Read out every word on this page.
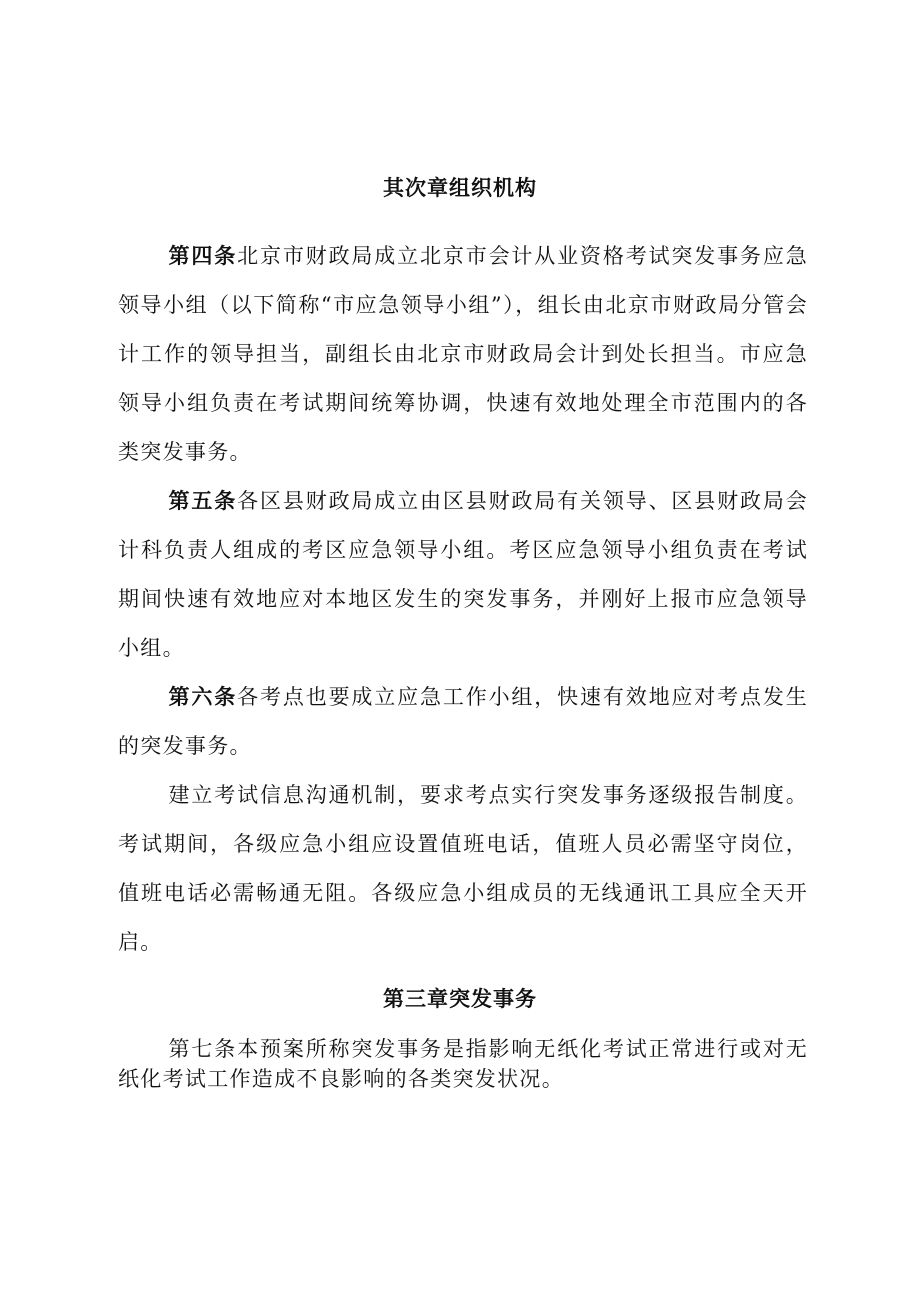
其次章组织机构
第四条北京市财政局成立北京市会计从业资格考试突发事务应急领导小组（以下简称“市应急领导小组”），组长由北京市财政局分管会计工作的领导担当，副组长由北京市财政局会计到处长担当。市应急领导小组负责在考试期间统筹协调，快速有效地处理全市范围内的各类突发事务。
第五条各区县财政局成立由区县财政局有关领导、区县财政局会计科负责人组成的考区应急领导小组。考区应急领导小组负责在考试期间快速有效地应对本地区发生的突发事务，并刚好上报市应急领导小组。
第六条各考点也要成立应急工作小组，快速有效地应对考点发生的突发事务。
建立考试信息沟通机制，要求考点实行突发事务逐级报告制度。考试期间，各级应急小组应设置值班电话，值班人员必需坚守岗位，值班电话必需畅通无阻。各级应急小组成员的无线通讯工具应全天开启。
第三章突发事务
第七条本预案所称突发事务是指影响无纸化考试正常进行或对无纸化考试工作造成不良影响的各类突发状况。
